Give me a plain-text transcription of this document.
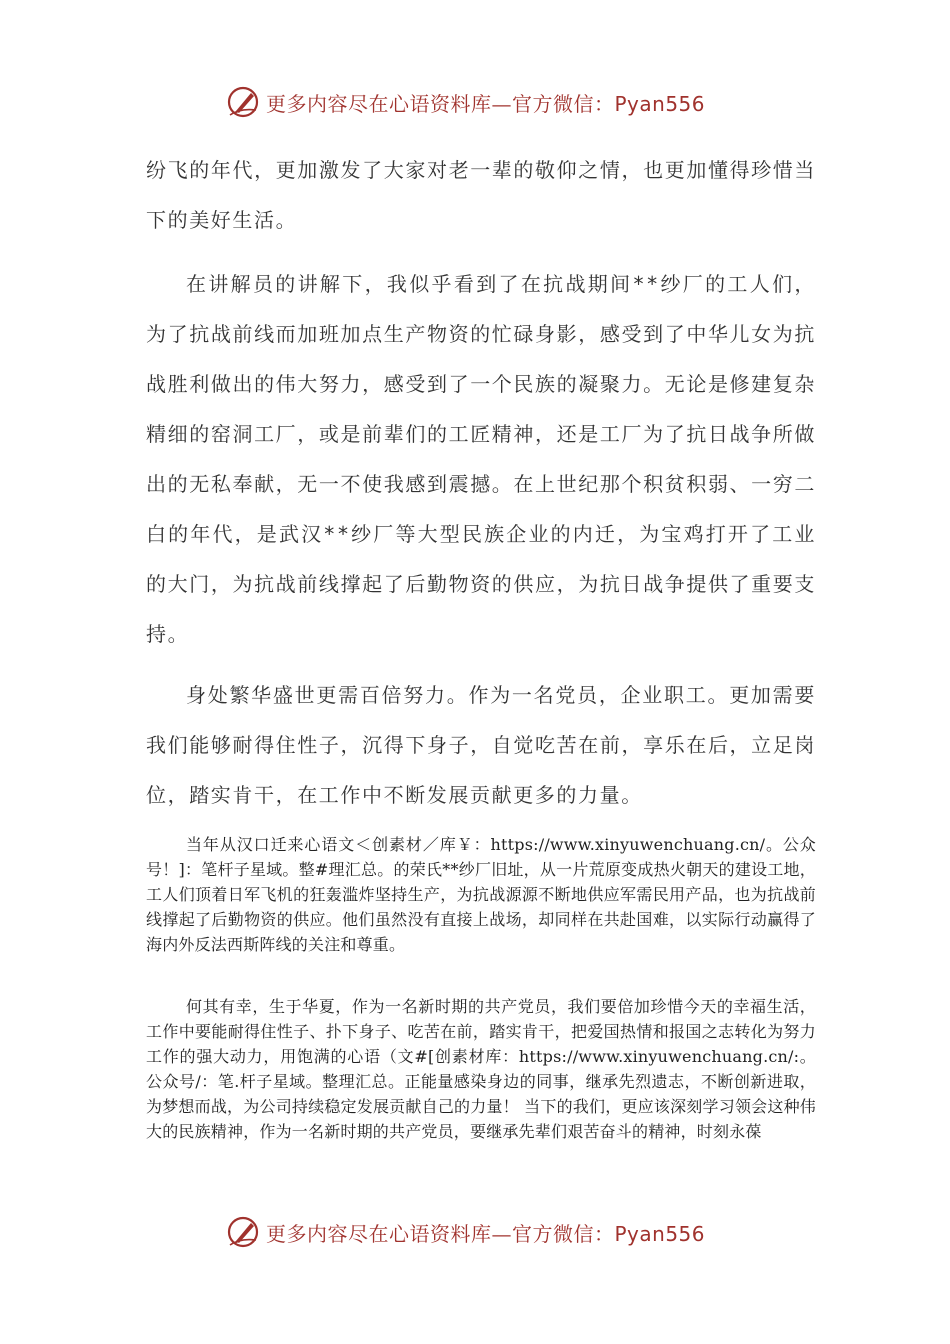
更多内容尽在心语资料库—官方微信：Pyan556

纷飞的年代，更加激发了大家对老一辈的敬仰之情，也更加懂得珍惜当下的美好生活。

在讲解员的讲解下，我似乎看到了在抗战期间**纱厂的工人们，为了抗战前线而加班加点生产物资的忙碌身影，感受到了中华儿女为抗战胜利做出的伟大努力，感受到了一个民族的凝聚力。无论是修建复杂精细的窑洞工厂，或是前辈们的工匠精神，还是工厂为了抗日战争所做出的无私奉献，无一不使我感到震撼。在上世纪那个积贫积弱、一穷二白的年代，是武汉**纱厂等大型民族企业的内迁，为宝鸡打开了工业的大门，为抗战前线撑起了后勤物资的供应，为抗日战争提供了重要支持。

身处繁华盛世更需百倍努力。作为一名党员，企业职工。更加需要我们能够耐得住性子，沉得下身子，自觉吃苦在前，享乐在后，立足岗位，踏实肯干，在工作中不断发展贡献更多的力量。

当年从汉口迁来心语文＜创素材／库￥：https://www.xinyuwenchuang.cn/。公众号！]：笔杆子星域。整#理汇总。的荣氏**纱厂旧址，从一片荒原变成热火朝天的建设工地，工人们顶着日军飞机的狂轰滥炸坚持生产，为抗战源源不断地供应军需民用产品，也为抗战前线撑起了后勤物资的供应。他们虽然没有直接上战场，却同样在共赴国难，以实际行动赢得了海内外反法西斯阵线的关注和尊重。

何其有幸，生于华夏，作为一名新时期的共产党员，我们要倍加珍惜今天的幸福生活，工作中要能耐得住性子、扑下身子、吃苦在前，踏实肯干，把爱国热情和报国之志转化为努力工作的强大动力，用饱满的心语（文#[创素材库：https://www.xinyuwenchuang.cn/:。公众号/：笔.杆子星域。整理汇总。正能量感染身边的同事，继承先烈遗志，不断创新进取，为梦想而战，为公司持续稳定发展贡献自己的力量！ 当下的我们，更应该深刻学习领会这种伟大的民族精神，作为一名新时期的共产党员，要继承先辈们艰苦奋斗的精神，时刻永葆

更多内容尽在心语资料库—官方微信：Pyan556
